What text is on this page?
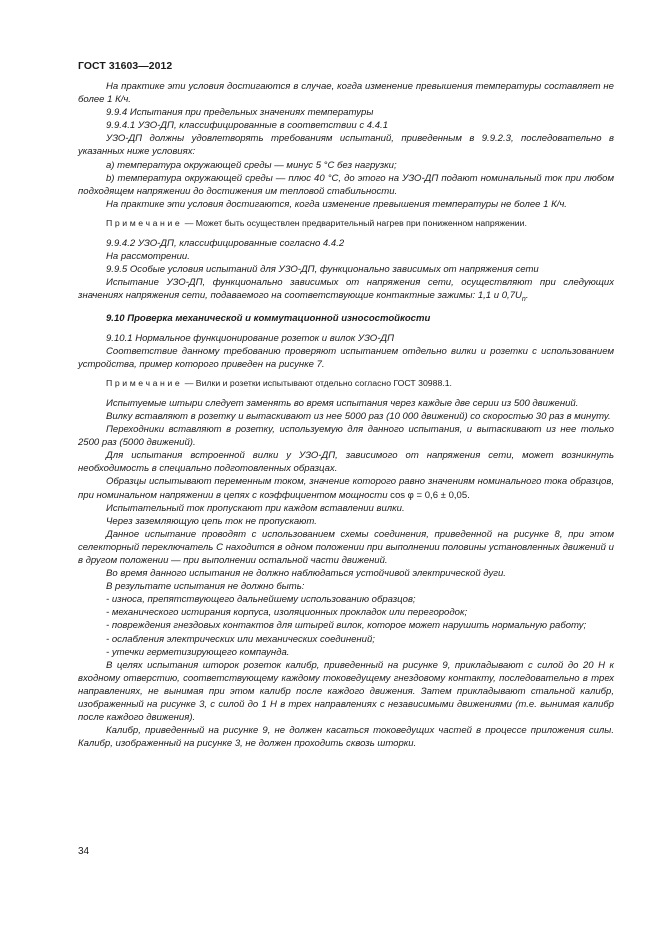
ГОСТ 31603—2012

На практике эти условия достигаются в случае, когда изменение превышения температуры составляет не более 1 К/ч.

9.9.4 Испытания при предельных значениях температуры

9.9.4.1 УЗО-ДП, классифицированные в соответствии с 4.4.1

УЗО-ДП должны удовлетворять требованиям испытаний, приведенным в 9.9.2.3, последовательно в указанных ниже условиях:

a) температура окружающей среды — минус 5 °С без нагрузки;

b) температура окружающей среды — плюс 40 °С, до этого на УЗО-ДП подают номинальный ток при любом подходящем напряжении до достижения им тепловой стабильности.

На практике эти условия достигаются, когда изменение превышения температуры не более 1 К/ч.

Примечание — Может быть осуществлен предварительный нагрев при пониженном напряжении.

9.9.4.2 УЗО-ДП, классифицированные согласно 4.4.2

На рассмотрении.

9.9.5 Особые условия испытаний для УЗО-ДП, функционально зависимых от напряжения сети

Испытание УЗО-ДП, функционально зависимых от напряжения сети, осуществляют при следующих значениях напряжения сети, подаваемого на соответствующие контактные зажимы: 1,1 и $0,7U_n$.

9.10 Проверка механической и коммутационной износостойкости

9.10.1 Нормальное функционирование розеток и вилок УЗО-ДП

Соответствие данному требованию проверяют испытанием отдельно вилки и розетки с использованием устройства, пример которого приведен на рисунке 7.

Примечание — Вилки и розетки испытывают отдельно согласно ГОСТ 30988.1.

Испытуемые штыри следует заменять во время испытания через каждые две серии из 500 движений.

Вилку вставляют в розетку и вытаскивают из нее 5000 раз (10 000 движений) со скоростью 30 раз в минуту.

Переходники вставляют в розетку, используемую для данного испытания, и вытаскивают из нее только 2500 раз (5000 движений).

Для испытания встроенной вилки у УЗО-ДП, зависимого от напряжения сети, может возникнуть необходимость в специально подготовленных образцах.

Образцы испытывают переменным током, значение которого равно значениям номинального тока образцов, при номинальном напряжении в цепях с коэффициентом мощности cos φ = 0,6 ± 0,05.

Испытательный ток пропускают при каждом вставлении вилки.

Через заземляющую цепь ток не пропускают.

Данное испытание проводят с использованием схемы соединения, приведенной на рисунке 8, при этом селекторный переключатель С находится в одном положении при выполнении половины установленных движений и в другом положении — при выполнении остальной части движений.

Во время данного испытания не должно наблюдаться устойчивой электрической дуги.

В результате испытания не должно быть:

- износа, препятствующего дальнейшему использованию образцов;

- механического истирания корпуса, изоляционных прокладок или перегородок;

- повреждения гнездовых контактов для штырей вилок, которое может нарушить нормальную работу;

- ослабления электрических или механических соединений;

- утечки герметизирующего компаунда.

В целях испытания шторок розеток калибр, приведенный на рисунке 9, прикладывают с силой до 20 Н к входному отверстию, соответствующему каждому токоведущему гнездовому контакту, последовательно в трех направлениях, не вынимая при этом калибр после каждого движения. Затем прикладывают стальной калибр, изображенный на рисунке 3, с силой до 1 Н в трех направлениях с независимыми движениями (т.е. вынимая калибр после каждого движения).

Калибр, приведенный на рисунке 9, не должен касаться токоведущих частей в процессе приложения силы. Калибр, изображенный на рисунке 3, не должен проходить сквозь шторки.

34
